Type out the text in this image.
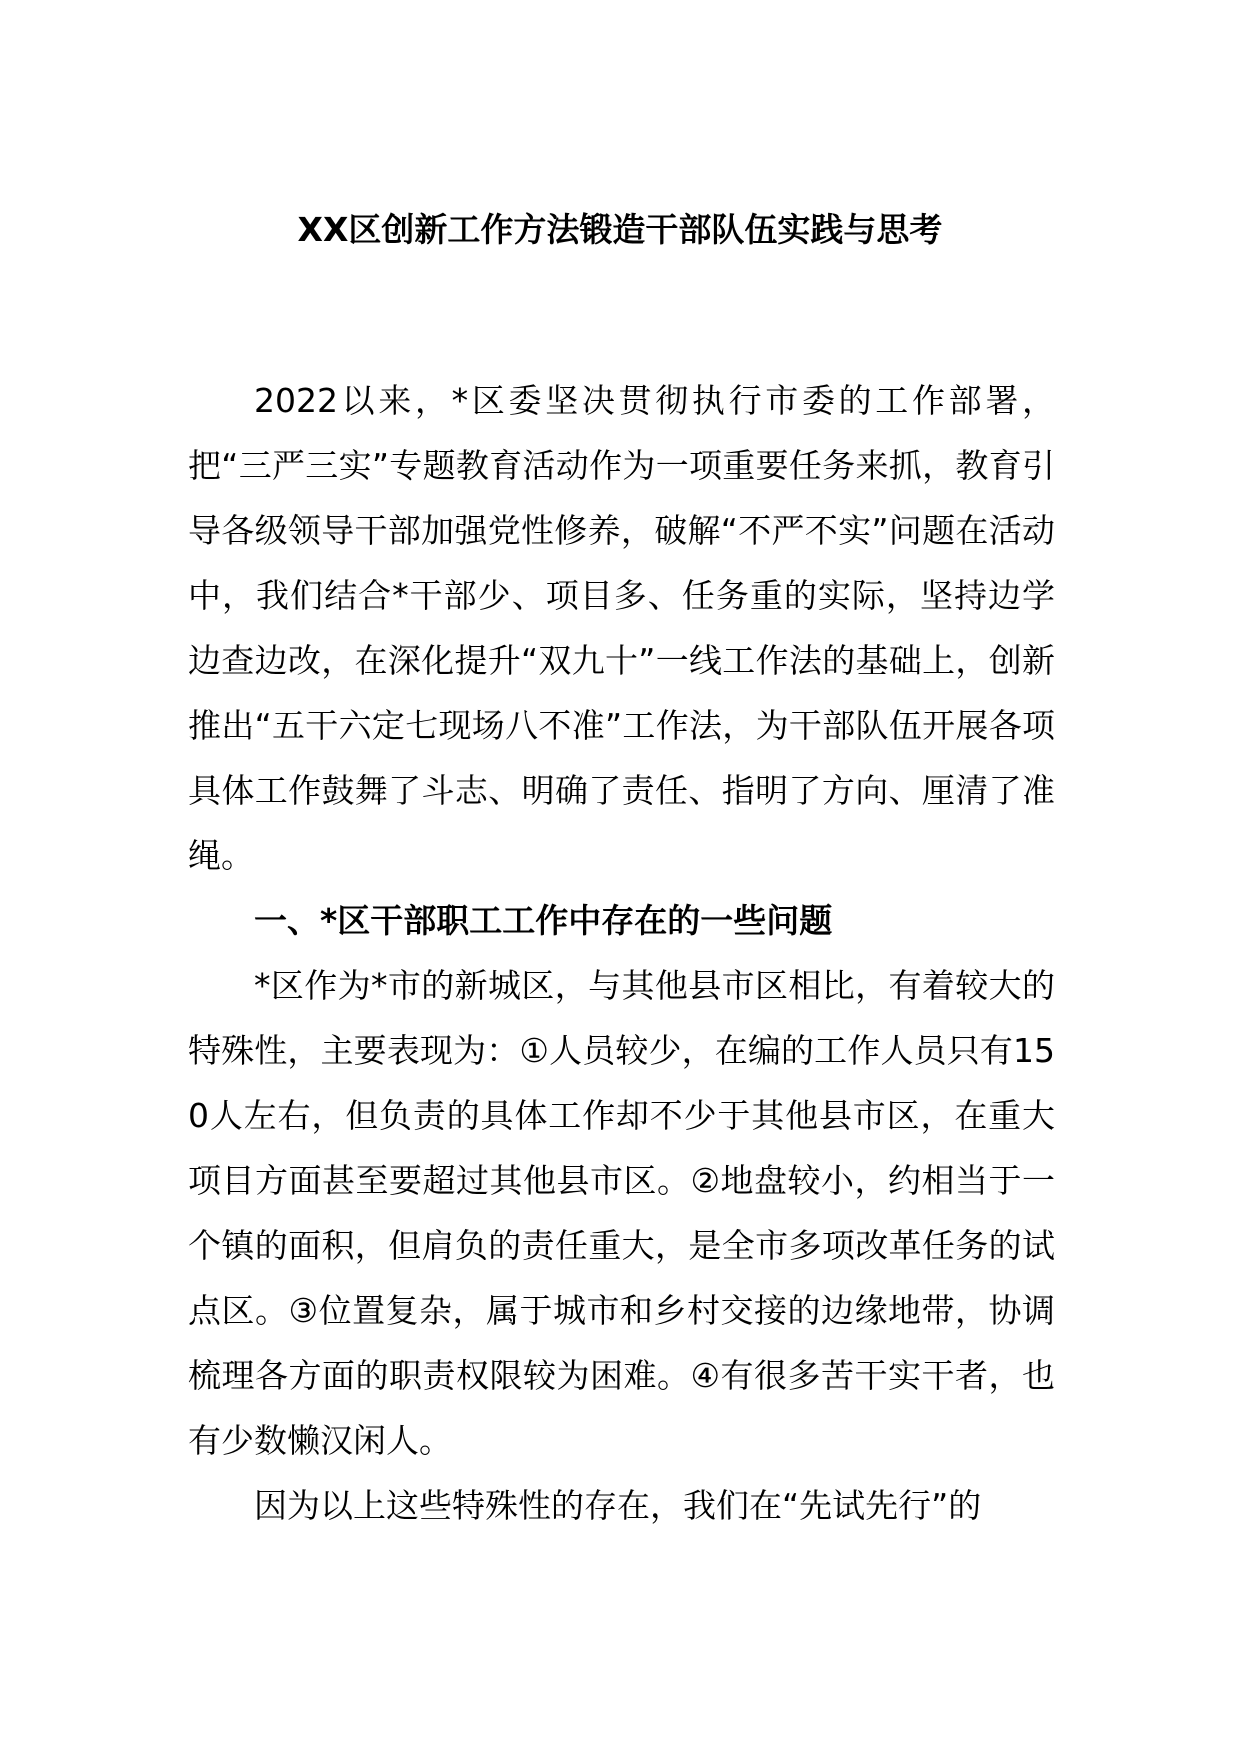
XX区创新工作方法锻造干部队伍实践与思考

2022以来，*区委坚决贯彻执行市委的工作部署，把“三严三实”专题教育活动作为一项重要任务来抓，教育引导各级领导干部加强党性修养，破解“不严不实”问题在活动中，我们结合*干部少、项目多、任务重的实际，坚持边学边查边改，在深化提升“双九十”一线工作法的基础上，创新推出“五干六定七现场八不准”工作法，为干部队伍开展各项具体工作鼓舞了斗志、明确了责任、指明了方向、厘清了准绳。

一、*区干部职工工作中存在的一些问题

*区作为*市的新城区，与其他县市区相比，有着较大的特殊性，主要表现为：①人员较少，在编的工作人员只有150人左右，但负责的具体工作却不少于其他县市区，在重大项目方面甚至要超过其他县市区。②地盘较小，约相当于一个镇的面积，但肩负的责任重大，是全市多项改革任务的试点区。③位置复杂，属于城市和乡村交接的边缘地带，协调梳理各方面的职责权限较为困难。④有很多苦干实干者，也有少数懒汉闲人。

因为以上这些特殊性的存在，我们在“先试先行”的
